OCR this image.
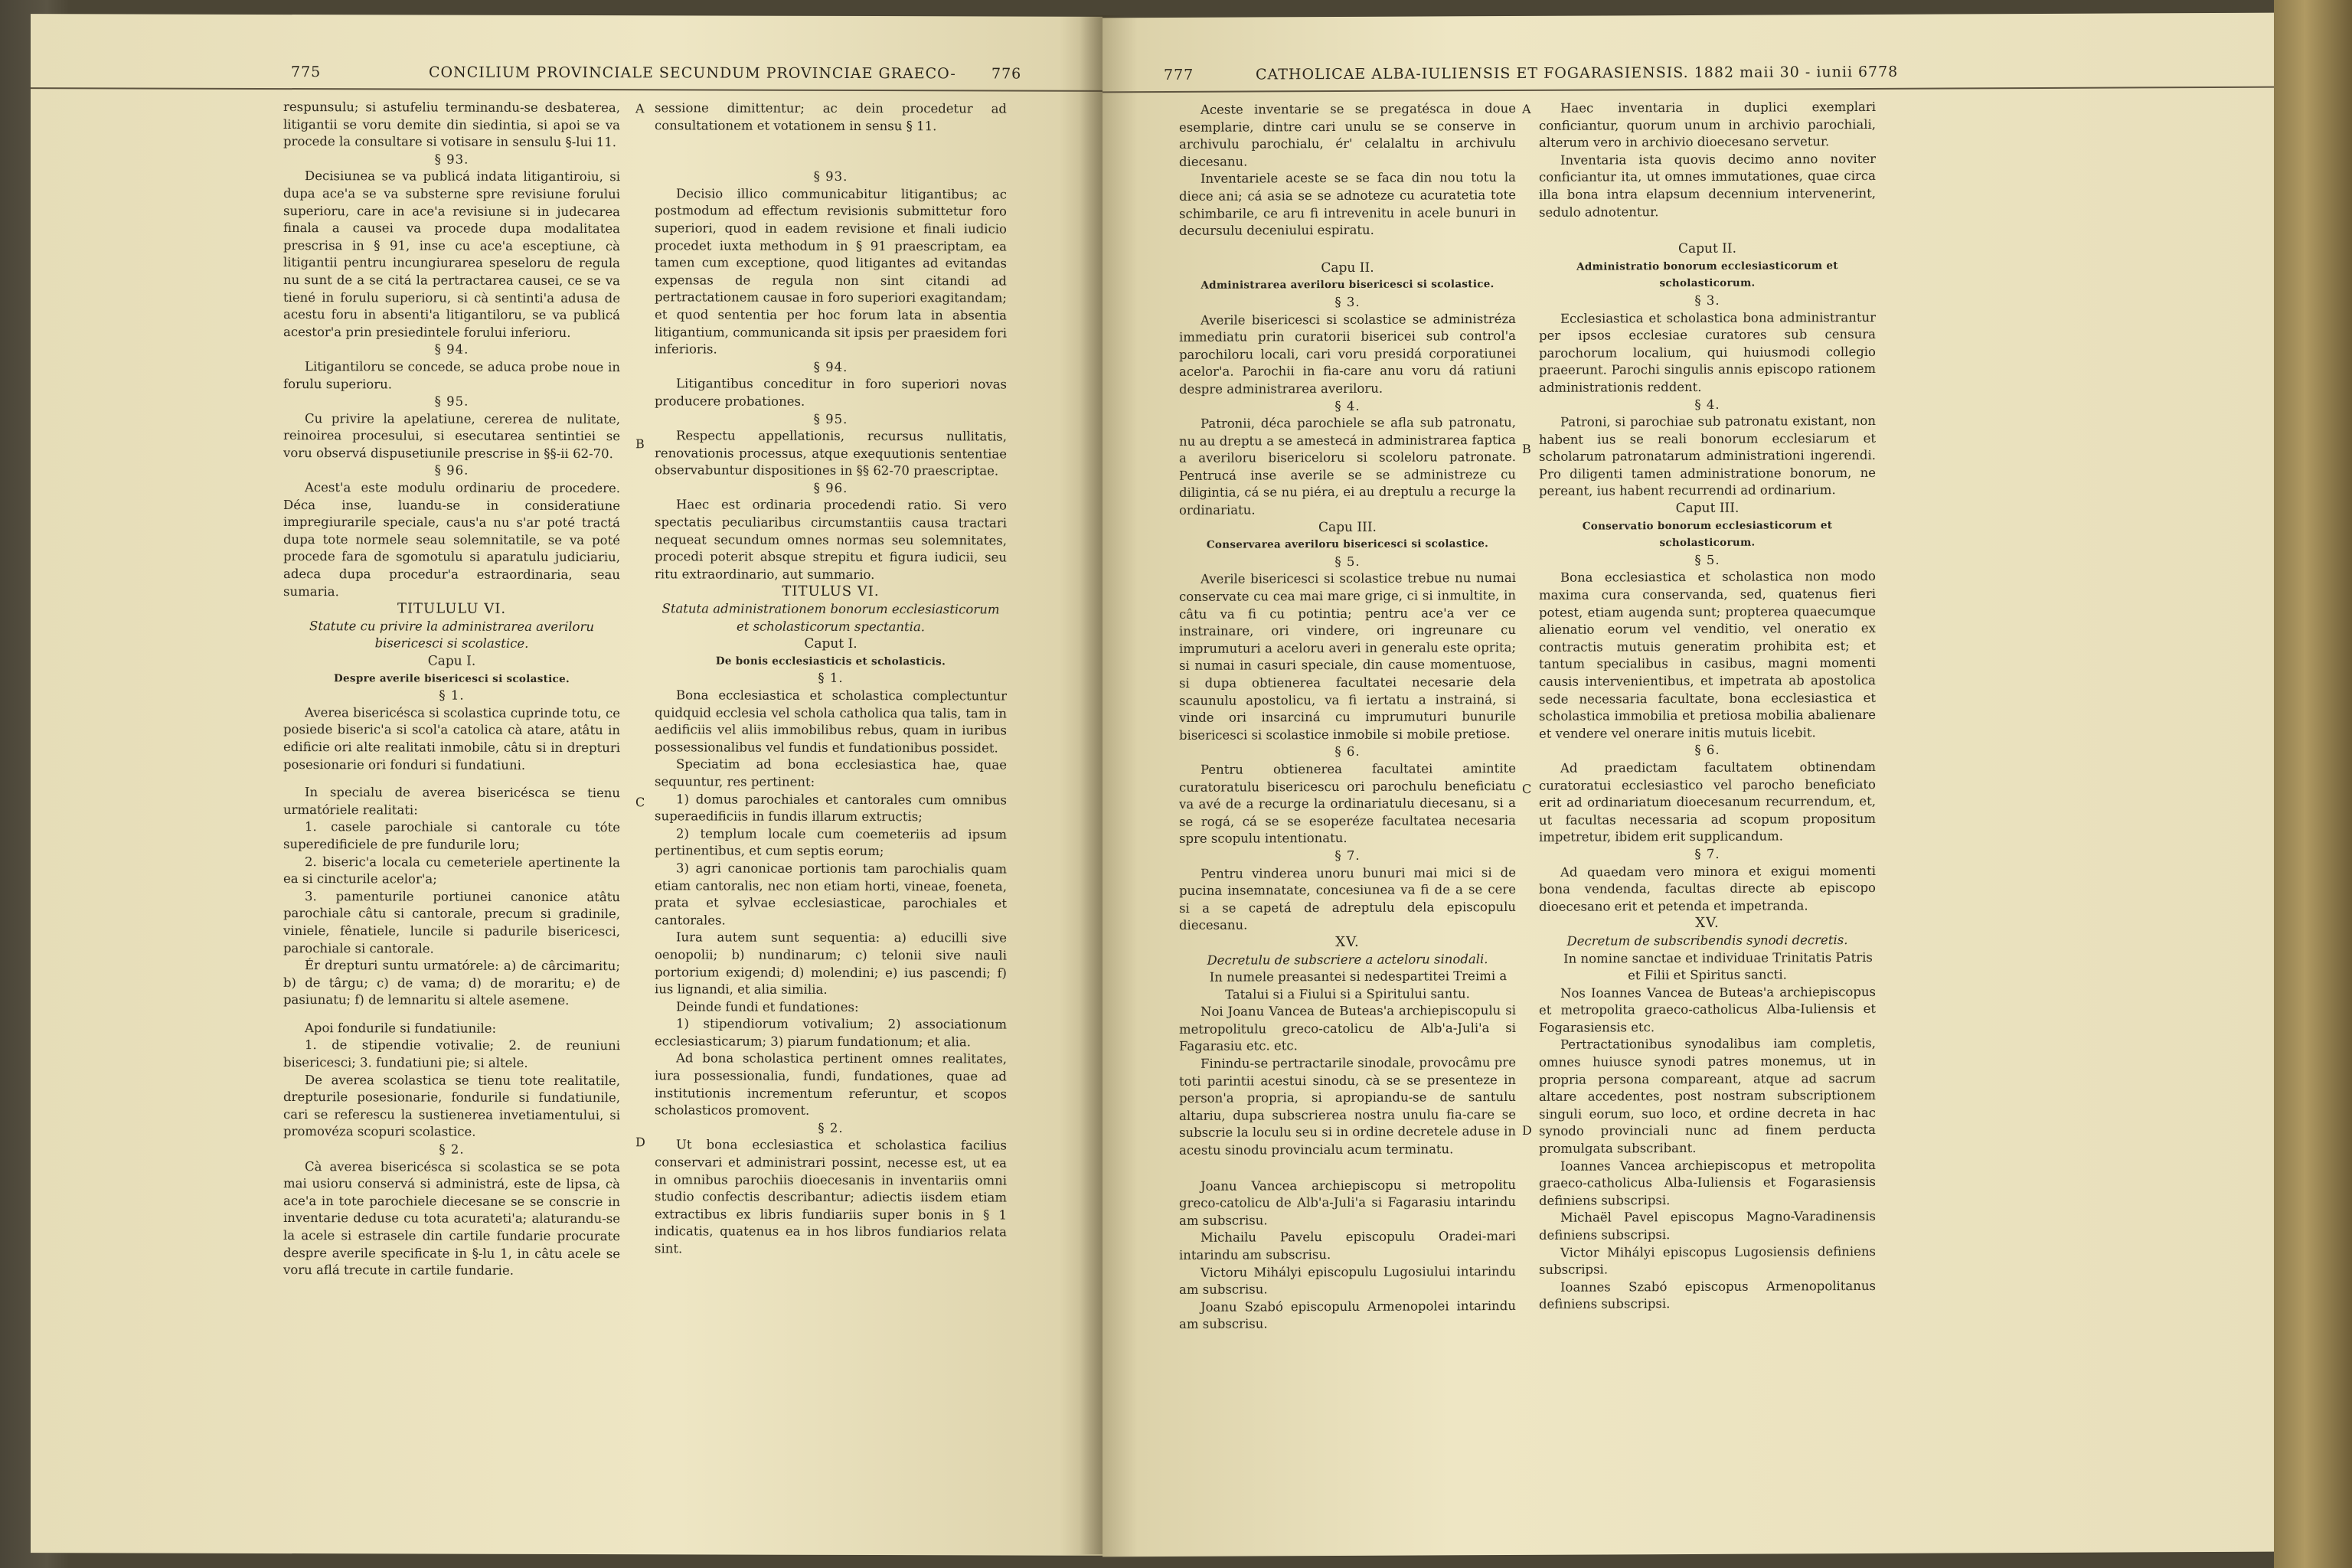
775	CONCILIUM PROVINCIALE SECUNDUM PROVINCIAE GRAECO- 776
A
B
C
D

respunsulu; si astufeliu terminandu-se desbaterea, litigantii se voru demite din siedintia, si apoi se va procede la consultare si votisare in sensulu §-lui 11.

§ 93.

Decisiunea se va publicá indata litigantiroiu, si dupa ace'a se va substerne spre revisiune forului superioru, care in ace'a revisiune si in judecarea finala a causei va procede dupa modalitatea prescrisa in § 91, inse cu ace'a esceptiune, cà litigantii pentru incungiurarea speseloru de regula nu sunt de a se citá la pertractarea causei, ce se va tiené in forulu superioru, si cà sentinti'a adusa de acestu foru in absenti'a litigantiloru, se va publicá acestor'a prin presiedintele forului inferioru.

§ 94.

Litigantiloru se concede, se aduca probe noue in forulu superioru.

§ 95.

Cu privire la apelatiune, cererea de nulitate, reinoirea procesului, si esecutarea sentintiei se voru observá dispusetiunile prescrise in §§-ii 62-70.

§ 96.

Acest'a este modulu ordinariu de procedere. Déca inse, luandu-se in consideratiune impregiurarile speciale, caus'a nu s'ar poté tractá dupa tote normele seau solemnitatile, se va poté procede fara de sgomotulu si aparatulu judiciariu, adeca dupa procedur'a estraordinaria, seau sumaria.

TITULULU VI.

Statute cu privire la administrarea averiloru bisericesci si scolastice.

Capu I.

Despre averile bisericesci si scolastice.

§ 1.

Averea bisericésca si scolastica cuprinde totu, ce posiede biseric'a si scol'a catolica cà atare, atâtu in edificie ori alte realitati inmobile, câtu si in drepturi posesionarie ori fonduri si fundatiuni.

In specialu de averea bisericésca se tienu urmatóriele realitati:

1. casele parochiale si cantorale cu tóte superedificiele de pre fundurile loru;

2. biseric'a locala cu cemeteriele apertinente la ea si cincturile acelor'a;

3. pamenturile portiunei canonice atâtu parochiale câtu si cantorale, precum si gradinile, viniele, fênatiele, luncile si padurile bisericesci, parochiale si cantorale.

Ér drepturi suntu urmatórele: a) de cârcimaritu; b) de târgu; c) de vama; d) de moraritu; e) de pasiunatu; f) de lemnaritu si altele asemene.

Apoi fondurile si fundatiunile:

1. de stipendie votivalie; 2. de reuniuni bisericesci; 3. fundatiuni pie; si altele.

De averea scolastica se tienu tote realitatile, drepturile posesionarie, fondurile si fundatiunile, cari se referescu la sustienerea invetiamentului, si promovéza scopuri scolastice.

§ 2.

Cà averea bisericésca si scolastica se se pota mai usioru conservá si administrá, este de lipsa, cà ace'a in tote parochiele diecesane se se conscrie in inventarie deduse cu tota acurateti'a; alaturandu-se la acele si estrasele din cartile fundarie procurate despre averile specificate in §-lu 1, in câtu acele se voru aflá trecute in cartile fundarie.

sessione dimittentur; ac dein procedetur ad consultationem et votationem in sensu § 11.

§ 93.

Decisio illico communicabitur litigantibus; ac postmodum ad effectum revisionis submittetur foro superiori, quod in eadem revisione et finali iudicio procedet iuxta methodum in § 91 praescriptam, ea tamen cum exceptione, quod litigantes ad evitandas expensas de regula non sint citandi ad pertractationem causae in foro superiori exagitandam; et quod sententia per hoc forum lata in absentia litigantium, communicanda sit ipsis per praesidem fori inferioris.

§ 94.

Litigantibus conceditur in foro superiori novas producere probationes.

§ 95.

Respectu appellationis, recursus nullitatis, renovationis processus, atque exequutionis sententiae observabuntur dispositiones in §§ 62-70 praescriptae.

§ 96.

Haec est ordinaria procedendi ratio. Si vero spectatis peculiaribus circumstantiis causa tractari nequeat secundum omnes normas seu solemnitates, procedi poterit absque strepitu et figura iudicii, seu ritu extraordinario, aut summario.

TITULUS VI.

Statuta administrationem bonorum ecclesiasticorum et scholasticorum spectantia.

Caput I.

De bonis ecclesiasticis et scholasticis.

§ 1.

Bona ecclesiastica et scholastica complectuntur quidquid ecclesia vel schola catholica qua talis, tam in aedificiis vel aliis immobilibus rebus, quam in iuribus possessionalibus vel fundis et fundationibus possidet.

Speciatim ad bona ecclesiastica hae, quae sequuntur, res pertinent:

1) domus parochiales et cantorales cum omnibus superaedificiis in fundis illarum extructis;

2) templum locale cum coemeteriis ad ipsum pertinentibus, et cum septis eorum;

3) agri canonicae portionis tam parochialis quam etiam cantoralis, nec non etiam horti, vineae, foeneta, prata et sylvae ecclesiasticae, parochiales et cantorales.

Iura autem sunt sequentia: a) educilli sive oenopolii; b) nundinarum; c) telonii sive nauli portorium exigendi; d) molendini; e) ius pascendi; f) ius lignandi, et alia similia.

Deinde fundi et fundationes:

1) stipendiorum votivalium; 2) associationum ecclesiasticarum; 3) piarum fundationum; et alia.

Ad bona scholastica pertinent omnes realitates, iura possessionalia, fundi, fundationes, quae ad institutionis incrementum referuntur, et scopos scholasticos promovent.

§ 2.

Ut bona ecclesiastica et scholastica facilius conservari et administrari possint, necesse est, ut ea in omnibus parochiis dioecesanis in inventariis omni studio confectis describantur; adiectis iisdem etiam extractibus ex libris fundiariis super bonis in § 1 indicatis, quatenus ea in hos libros fundiarios relata sint.

777	CATHOLICAE ALBA-IULIENSIS ET FOGARASIENSIS. 1882 maii 30 - iunii 6 778
A
B
C
D

Aceste inventarie se se pregatésca in doue esemplarie, dintre cari unulu se se conserve in archivulu parochialu, ér' celalaltu in archivulu diecesanu.

Inventariele aceste se se faca din nou totu la diece ani; cá asia se se adnoteze cu acuratetia tote schimbarile, ce aru fi intrevenitu in acele bunuri in decursulu deceniului espiratu.

Capu II.

Administrarea averiloru bisericesci si scolastice.

§ 3.

Averile bisericesci si scolastice se administréza immediatu prin curatorii bisericei sub control'a parochiloru locali, cari voru presidá corporatiunei acelor'a. Parochii in fia-care anu voru dá ratiuni despre administrarea averiloru.

§ 4.

Patronii, déca parochiele se afla sub patronatu, nu au dreptu a se amestecá in administrarea faptica a averiloru bisericeloru si scoleloru patronate. Pentrucá inse averile se se administreze cu diligintia, cá se nu piéra, ei au dreptulu a recurge la ordinariatu.

Capu III.

Conservarea averiloru bisericesci si scolastice.

§ 5.

Averile bisericesci si scolastice trebue nu numai conservate cu cea mai mare grige, ci si inmultite, in câtu va fi cu potintia; pentru ace'a ver ce instrainare, ori vindere, ori ingreunare cu imprumuturi a aceloru averi in generalu este oprita; si numai in casuri speciale, din cause momentuose, si dupa obtienerea facultatei necesarie dela scaunulu apostolicu, va fi iertatu a instrainá, si vinde ori insarciná cu imprumuturi bunurile bisericesci si scolastice inmobile si mobile pretiose.

§ 6.

Pentru obtienerea facultatei amintite curatoratulu bisericescu ori parochulu beneficiatu va avé de a recurge la ordinariatulu diecesanu, si a se rogá, cá se se esoperéze facultatea necesaria spre scopulu intentionatu.

§ 7.

Pentru vinderea unoru bunuri mai mici si de pucina insemnatate, concesiunea va fi de a se cere si a se capetá de adreptulu dela episcopulu diecesanu.

XV.

Decretulu de subscriere a acteloru sinodali.

In numele preasantei si nedespartitei Treimi a Tatalui si a Fiului si a Spiritului santu.

Noi Joanu Vancea de Buteas'a archiepiscopulu si metropolitulu greco-catolicu de Alb'a-Juli'a si Fagarasiu etc. etc.

Finindu-se pertractarile sinodale, provocâmu pre toti parintii acestui sinodu, cà se se presenteze in person'a propria, si apropiandu-se de santulu altariu, dupa subscrierea nostra unulu fia-care se subscrie la loculu seu si in ordine decretele aduse in acestu sinodu provincialu acum terminatu.

Joanu Vancea archiepiscopu si metropolitu greco-catolicu de Alb'a-Juli'a si Fagarasiu intarindu am subscrisu.

Michailu Pavelu episcopulu Oradei-mari intarindu am subscrisu.

Victoru Mihályi episcopulu Lugosiului intarindu am subscrisu.

Joanu Szabó episcopulu Armenopolei intarindu am subscrisu.

Haec inventaria in duplici exemplari conficiantur, quorum unum in archivio parochiali, alterum vero in archivio dioecesano servetur.

Inventaria ista quovis decimo anno noviter conficiantur ita, ut omnes immutationes, quae circa illa bona intra elapsum decennium intervenerint, sedulo adnotentur.

Caput II.

Administratio bonorum ecclesiasticorum et scholasticorum.

§ 3.

Ecclesiastica et scholastica bona administrantur per ipsos ecclesiae curatores sub censura parochorum localium, qui huiusmodi collegio praeerunt. Parochi singulis annis episcopo rationem administrationis reddent.

§ 4.

Patroni, si parochiae sub patronatu existant, non habent ius se reali bonorum ecclesiarum et scholarum patronatarum administrationi ingerendi. Pro diligenti tamen administratione bonorum, ne pereant, ius habent recurrendi ad ordinarium.

Caput III.

Conservatio bonorum ecclesiasticorum et scholasticorum.

§ 5.

Bona ecclesiastica et scholastica non modo maxima cura conservanda, sed, quatenus fieri potest, etiam augenda sunt; propterea quaecumque alienatio eorum vel venditio, vel oneratio ex contractis mutuis generatim prohibita est; et tantum specialibus in casibus, magni momenti causis intervenientibus, et impetrata ab apostolica sede necessaria facultate, bona ecclesiastica et scholastica immobilia et pretiosa mobilia abalienare et vendere vel onerare initis mutuis licebit.

§ 6.

Ad praedictam facultatem obtinendam curatoratui ecclesiastico vel parocho beneficiato erit ad ordinariatum dioecesanum recurrendum, et, ut facultas necessaria ad scopum propositum impetretur, ibidem erit supplicandum.

§ 7.

Ad quaedam vero minora et exigui momenti bona vendenda, facultas directe ab episcopo dioecesano erit et petenda et impetranda.

XV.

Decretum de subscribendis synodi decretis.

In nomine sanctae et individuae Trinitatis Patris et Filii et Spiritus sancti.

Nos Ioannes Vancea de Buteas'a archiepiscopus et metropolita graeco-catholicus Alba-Iuliensis et Fogarasiensis etc.

Pertractationibus synodalibus iam completis, omnes huiusce synodi patres monemus, ut in propria persona compareant, atque ad sacrum altare accedentes, post nostram subscriptionem singuli eorum, suo loco, et ordine decreta in hac synodo provinciali nunc ad finem perducta promulgata subscribant.

Ioannes Vancea archiepiscopus et metropolita graeco-catholicus Alba-Iuliensis et Fogarasiensis definiens subscripsi.

Michaël Pavel episcopus Magno-Varadinensis definiens subscripsi.

Victor Mihályi episcopus Lugosiensis definiens subscripsi.

Ioannes Szabó episcopus Armenopolitanus definiens subscripsi.
